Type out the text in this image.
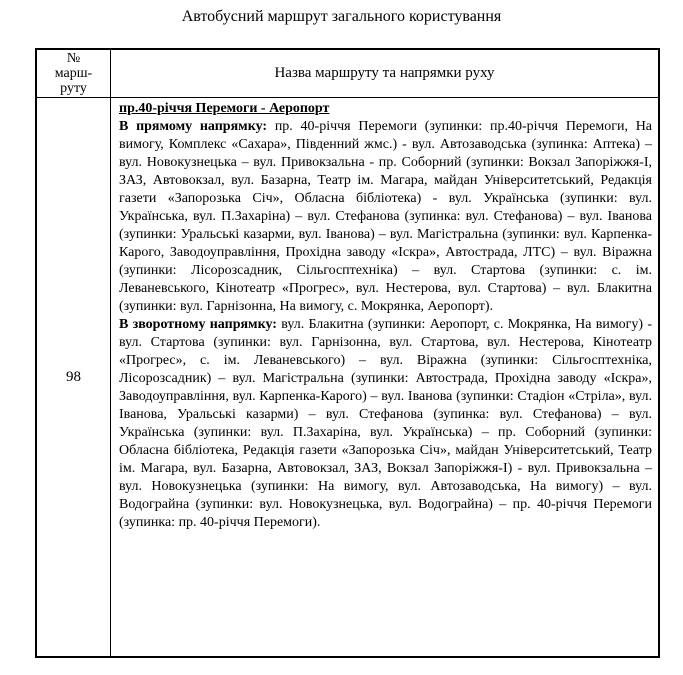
Автобусний маршрут загального користування
№
марш-
руту
Назва маршруту та напрямки руху
98

пр.40-річчя Перемоги - Аеропорт

В прямому напрямку: пр. 40-річчя Перемоги (зупинки: пр.40-річчя Перемоги, На вимогу, Комплекс «Сахара», Південний жмс.) - вул. Автозаводська (зупинка: Аптека) – вул. Новокузнецька – вул. Привокзальна - пр. Соборний (зупинки: Вокзал Запоріжжя-І, ЗАЗ, Автовокзал, вул. Базарна, Театр ім. Магара, майдан Університетський, Редакція газети «Запорозька Січ», Обласна бібліотека) - вул. Українська (зупинки: вул. Українська, вул. П.Захаріна) – вул. Стефанова (зупинка: вул. Стефанова) – вул. Іванова (зупинки: Уральські казарми, вул. Іванова) – вул. Магістральна (зупинки: вул. Карпенка-Карого, Заводоуправління, Прохідна заводу «Іскра», Автострада, ЛТС) – вул. Віражна (зупинки: Лісорозсадник, Сільгосптехніка) – вул. Стартова (зупинки: с. ім. Леваневського, Кінотеатр «Прогрес», вул. Нестерова, вул. Стартова) – вул. Блакитна (зупинки: вул. Гарнізонна, На вимогу, с. Мокрянка, Аеропорт).

В зворотному напрямку: вул. Блакитна (зупинки: Аеропорт, с. Мокрянка, На вимогу) - вул. Стартова (зупинки: вул. Гарнізонна, вул. Стартова, вул. Нестерова, Кінотеатр «Прогрес», с. ім. Леваневського) – вул. Віражна (зупинки: Сільгосптехніка, Лісорозсадник) – вул. Магістральна (зупинки: Автострада, Прохідна заводу «Іскра», Заводоуправління, вул. Карпенка-Карого) – вул. Іванова (зупинки: Стадіон «Стріла», вул. Іванова, Уральські казарми) – вул. Стефанова (зупинка: вул. Стефанова) – вул. Українська (зупинки: вул. П.Захаріна, вул. Українська) – пр. Соборний (зупинки: Обласна бібліотека, Редакція газети «Запорозька Січ», майдан Університетський, Театр ім. Магара, вул. Базарна, Автовокзал, ЗАЗ, Вокзал Запоріжжя-І) - вул. Привокзальна – вул. Новокузнецька (зупинки: На вимогу, вул. Автозаводська, На вимогу) – вул. Водограйна (зупинки: вул. Новокузнецька, вул. Водограйна) – пр. 40-річчя Перемоги (зупинка: пр. 40-річчя Перемоги).
